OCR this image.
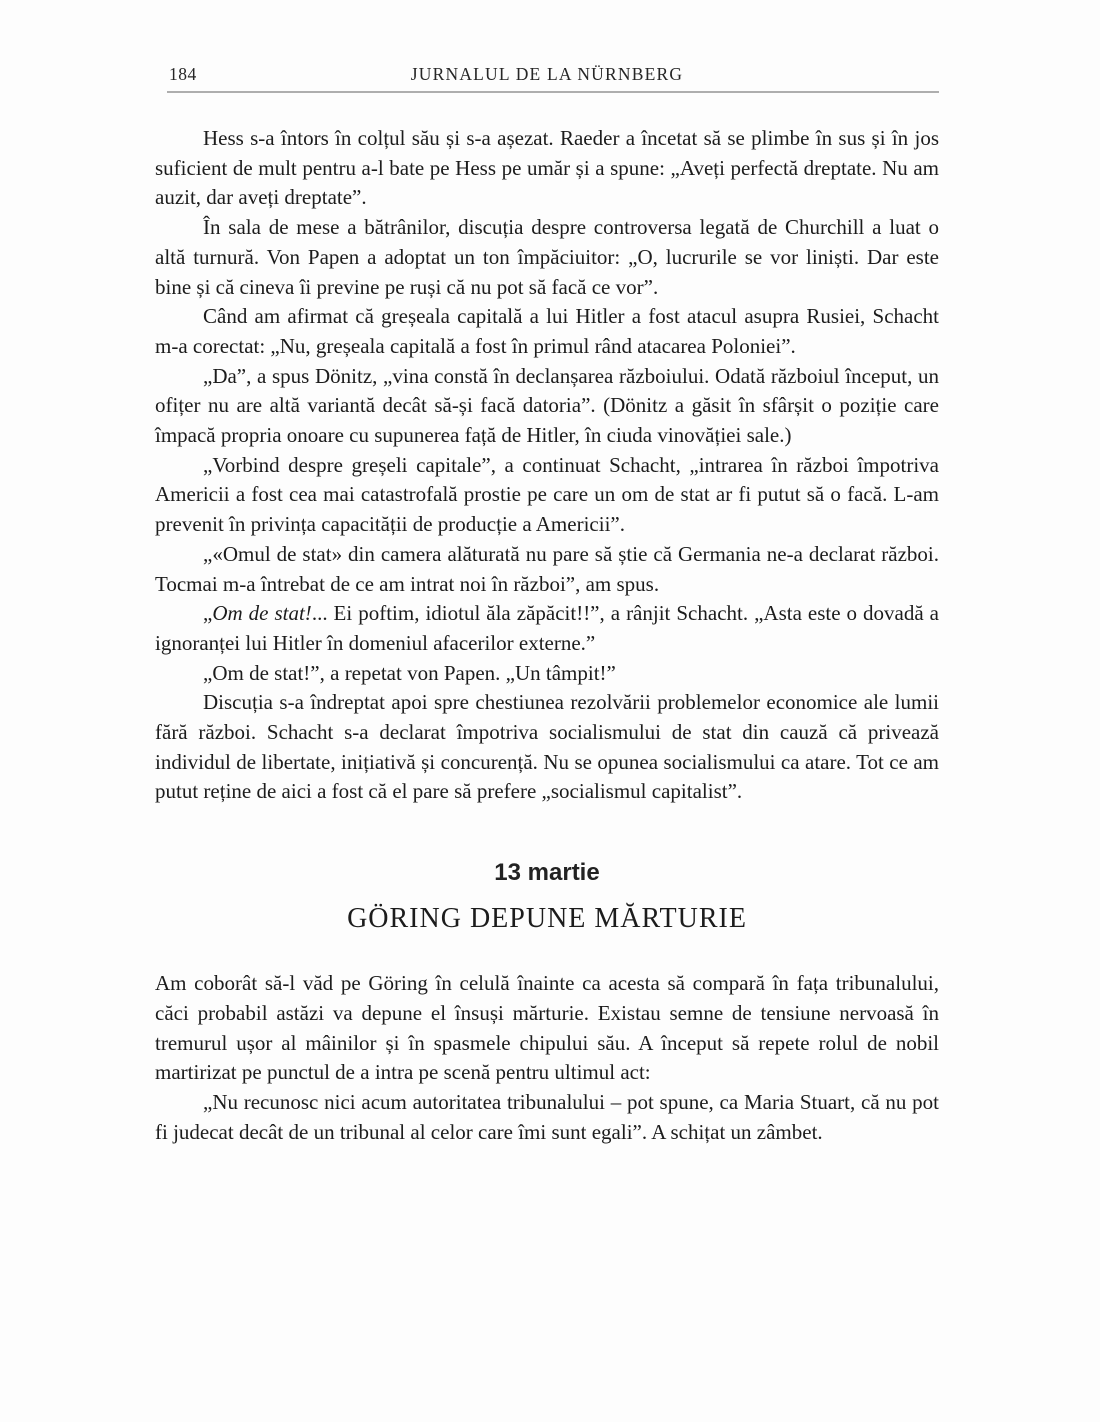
184	JURNALUL DE LA NÜRNBERG

Hess s-a întors în colțul său și s-a așezat. Raeder a încetat să se plimbe în sus și în jos suficient de mult pentru a-l bate pe Hess pe umăr și a spune: „Aveți perfectă dreptate. Nu am auzit, dar aveți dreptate”.

În sala de mese a bătrânilor, discuția despre controversa legată de Churchill a luat o altă turnură. Von Papen a adoptat un ton împăciuitor: „O, lucrurile se vor liniști. Dar este bine și că cineva îi previne pe ruși că nu pot să facă ce vor”.

Când am afirmat că greșeala capitală a lui Hitler a fost atacul asupra Rusiei, Schacht m-a corectat: „Nu, greșeala capitală a fost în primul rând atacarea Poloniei”.

„Da”, a spus Dönitz, „vina constă în declanșarea războiului. Odată războiul început, un ofițer nu are altă variantă decât să-și facă datoria”. (Dönitz a găsit în sfârșit o poziție care împacă propria onoare cu supunerea față de Hitler, în ciuda vinovăției sale.)

„Vorbind despre greșeli capitale”, a continuat Schacht, „intrarea în război împotriva Americii a fost cea mai catastrofală prostie pe care un om de stat ar fi putut să o facă. L-am prevenit în privința capacității de producție a Americii”.

„«Omul de stat» din camera alăturată nu pare să știe că Germania ne-a declarat război. Tocmai m-a întrebat de ce am intrat noi în război”, am spus.

„Om de stat!... Ei poftim, idiotul ăla zăpăcit!!”, a rânjit Schacht. „Asta este o dovadă a ignoranței lui Hitler în domeniul afacerilor externe.”

„Om de stat!”, a repetat von Papen. „Un tâmpit!”

Discuția s-a îndreptat apoi spre chestiunea rezolvării problemelor economice ale lumii fără război. Schacht s-a declarat împotriva socialismului de stat din cauză că privează individul de libertate, inițiativă și concurență. Nu se opunea socialismului ca atare. Tot ce am putut reține de aici a fost că el pare să prefere „socialismul capitalist”.

13 martie
GÖRING DEPUNE MĂRTURIE

Am coborât să-l văd pe Göring în celulă înainte ca acesta să compară în fața tribunalului, căci probabil astăzi va depune el însuși mărturie. Existau semne de tensiune nervoasă în tremurul ușor al mâinilor și în spasmele chipului său. A început să repete rolul de nobil martirizat pe punctul de a intra pe scenă pentru ultimul act:

„Nu recunosc nici acum autoritatea tribunalului – pot spune, ca Maria Stuart, că nu pot fi judecat decât de un tribunal al celor care îmi sunt egali”. A schițat un zâmbet.
